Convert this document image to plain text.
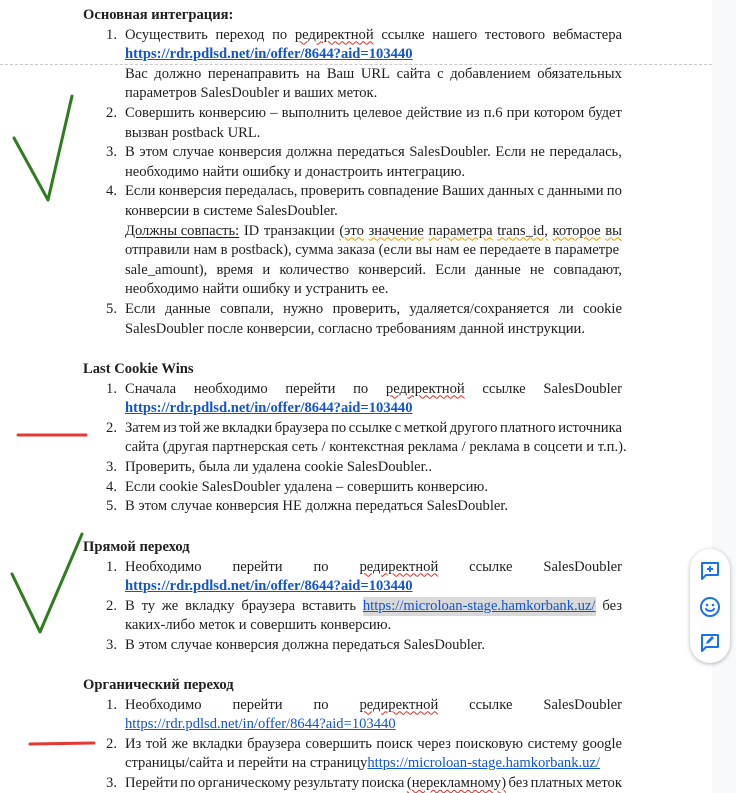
Основная интеграция:
1. Осуществить переход по редиректной ссылке нашего тестового вебмастера
https://rdr.pdlsd.net/in/offer/8644?aid=103440
Вас должно перенаправить на Ваш URL сайта с добавлением обязательных
параметров SalesDoubler и ваших меток.
2. Совершить конверсию – выполнить целевое действие из п.6 при котором будет
вызван postback URL.
3. В этом случае конверсия должна передаться SalesDoubler. Если не передалась,
необходимо найти ошибку и донастроить интеграцию.
4. Если конверсия передалась, проверить совпадение Ваших данных с данными по
конверсии в системе SalesDoubler.
Должны совпасть: ID транзакции (это значение параметра trans_id, которое вы
отправили нам в postback), сумма заказа (если вы нам ее передаете в параметре
sale_amount), время и количество конверсий. Если данные не совпадают,
необходимо найти ошибку и устранить ее.
5. Если данные совпали, нужно проверить, удаляется/сохраняется ли cookie
SalesDoubler после конверсии, согласно требованиям данной инструкции.
Last Cookie Wins
1. Сначала необходимо перейти по редиректной ссылке SalesDoubler
https://rdr.pdlsd.net/in/offer/8644?aid=103440
2. Затем из той же вкладки браузера по ссылке с меткой другого платного источника
сайта (другая партнерская сеть / контекстная реклама / реклама в соцсети и т.п.).
3. Проверить, была ли удалена cookie SalesDoubler..
4. Если cookie SalesDoubler удалена – совершить конверсию.
5. В этом случае конверсия НЕ должна передаться SalesDoubler.
Прямой переход
1. Необходимо перейти по редиректной ссылке SalesDoubler
https://rdr.pdlsd.net/in/offer/8644?aid=103440
2. В ту же вкладку браузера вставить https://microloan-stage.hamkorbank.uz/ без
каких-либо меток и совершить конверсию.
3. В этом случае конверсия должна передаться SalesDoubler.
Органический переход
1. Необходимо перейти по редиректной ссылке SalesDoubler
https://rdr.pdlsd.net/in/offer/8644?aid=103440
2. Из той же вкладки браузера совершить поиск через поисковую систему google
страницы/сайта и перейти на страницуhttps://microloan-stage.hamkorbank.uz/
3. Перейти по органическому результату поиска (нерекламному) без платных меток
